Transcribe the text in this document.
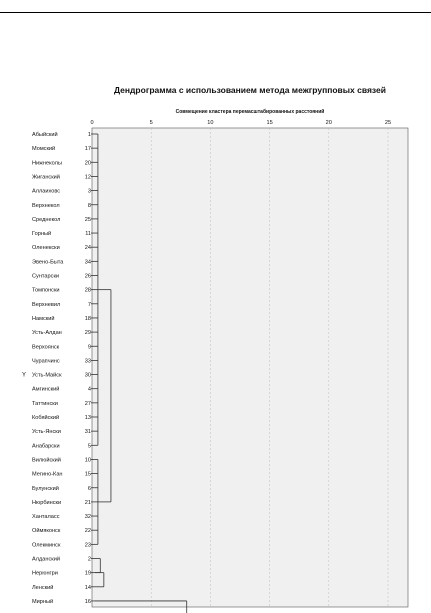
Дендрограмма с использованием метода межгрупповых связей
Совмещение кластера перемасштабированных расстояний
0	5	10	15	20	25
Абыйский	1
Момский	17
Нижнеколы	20
Жиганский	12
Аллаиховс	3
Верхнекол	8
Среднекол	25
Горный	11
Оленекски	24
Эвено-Быта	34
Сунтарски	26
Томпонски	28
Верхневил	7
Намский	18
Усть-Алдан	29
Верхоянск	9
Чурапчинс	33
Усть-Майск	30
Амгинский	4
Таттински	27
Кобяйский	13
Усть-Янски	31
Анабарски	5
Вилюйский	10
Мегино-Кан	15
Булунский	6
Нюрбински	21
Ханталасс	32
Оймяконск	22
Олекминск	23
Алданский	2
Нерюнгри	19
Ленский	14
Мирный	16
Y
